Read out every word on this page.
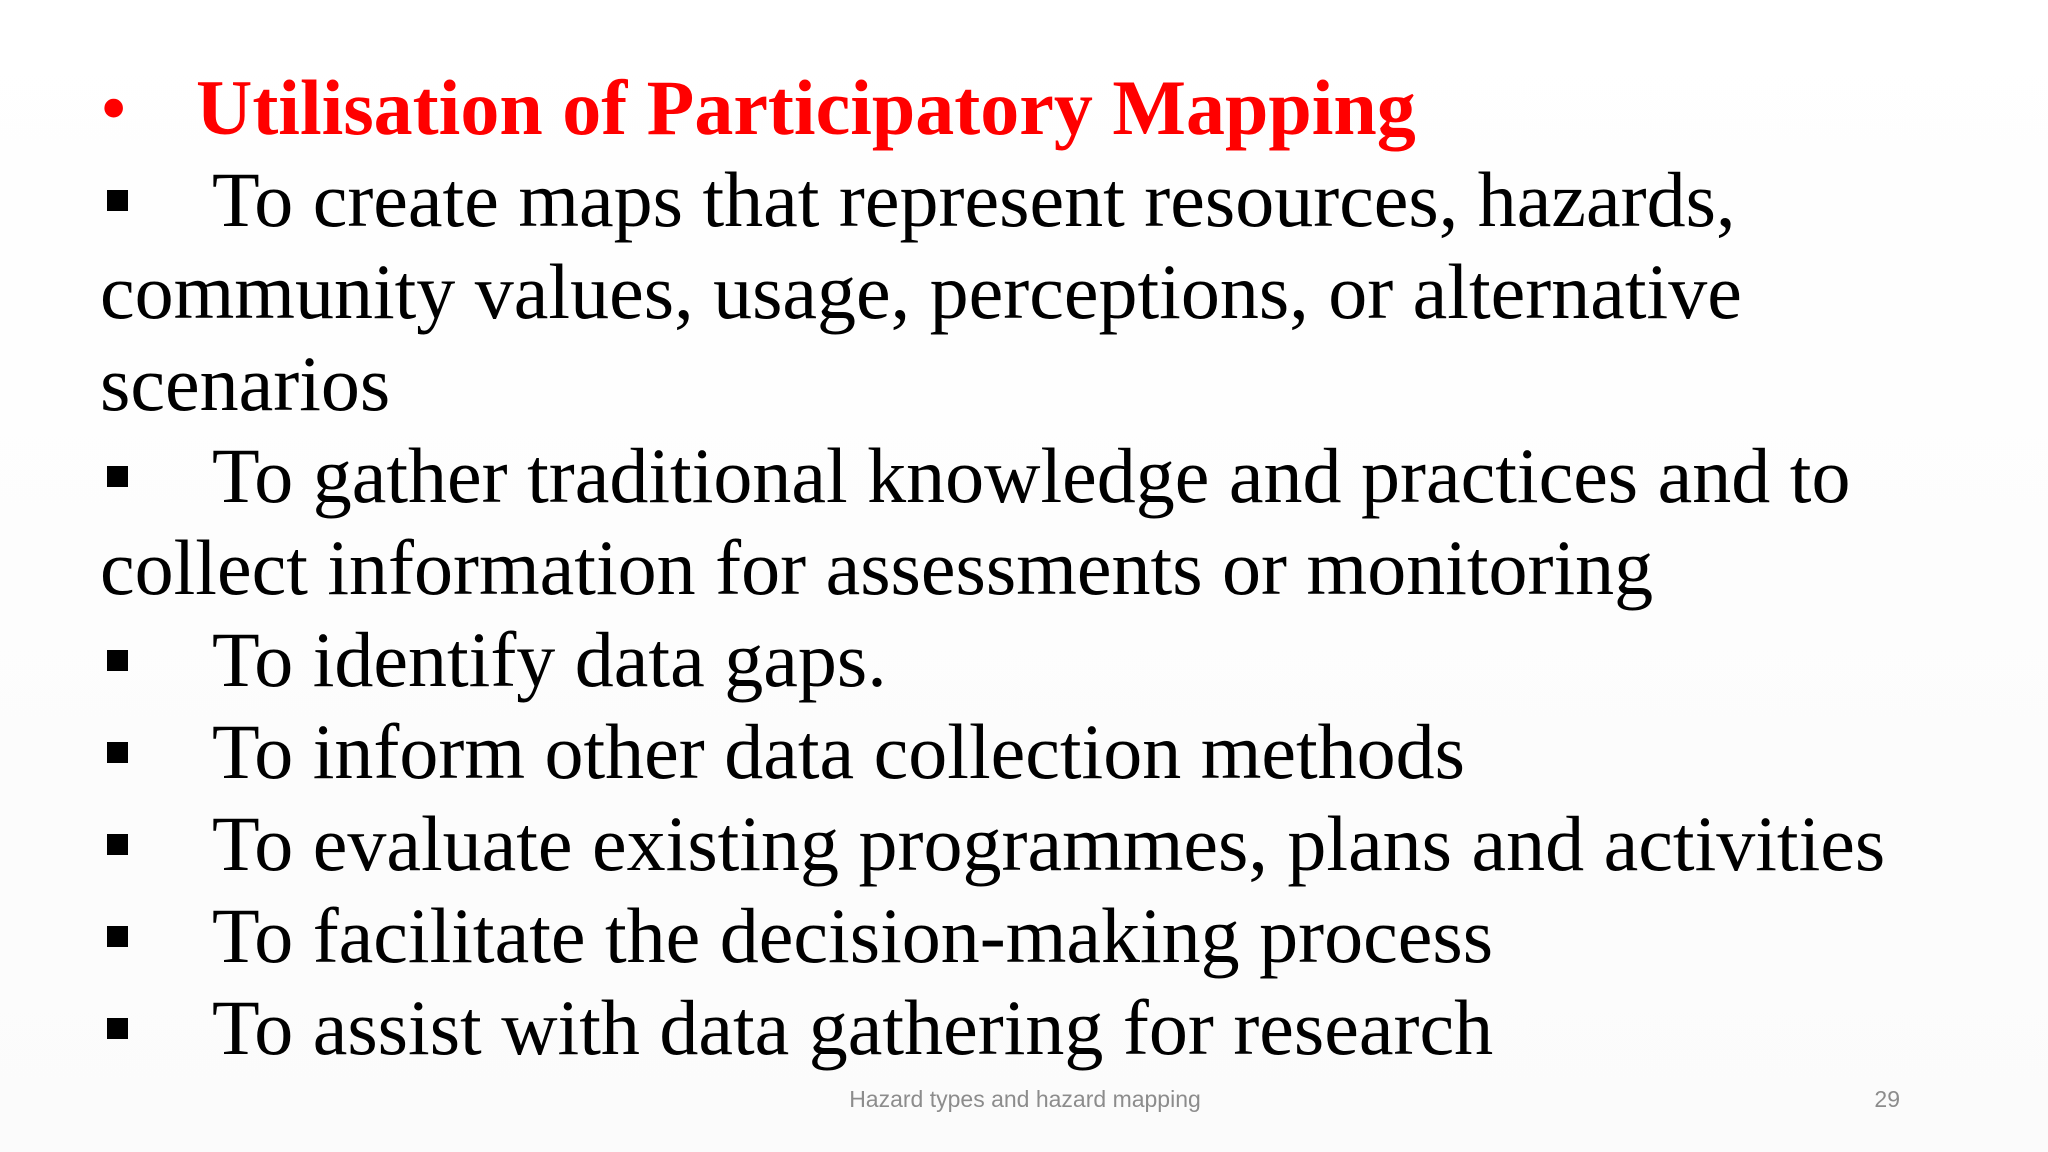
• Utilisation of Participatory Mapping
To create maps that represent resources, hazards,
community values, usage, perceptions, or alternative
scenarios
To gather traditional knowledge and practices and to
collect information for assessments or monitoring
To identify data gaps.
To inform other data collection methods
To evaluate existing programmes, plans and activities
To facilitate the decision-making process
To assist with data gathering for research
Hazard types and hazard mapping	29
